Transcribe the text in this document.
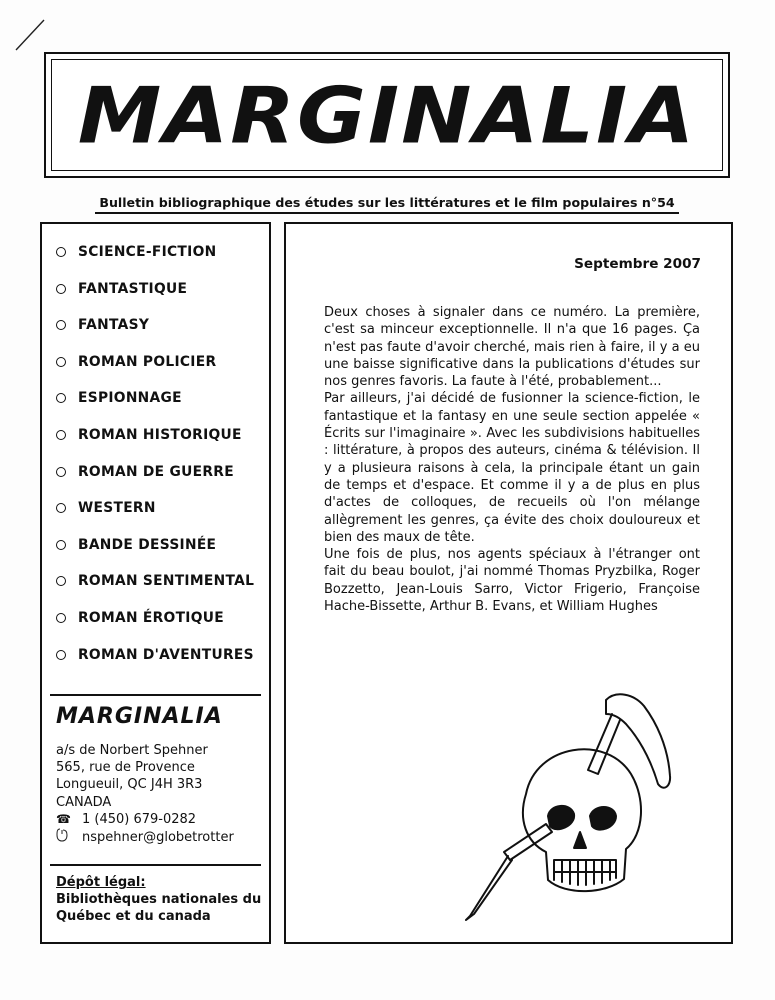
MARGINALIA
Bulletin bibliographique des études sur les littératures et le film populaires n°54
SCIENCE-FICTION
FANTASTIQUE
FANTASY
ROMAN POLICIER
ESPIONNAGE
ROMAN HISTORIQUE
ROMAN DE GUERRE
WESTERN
BANDE DESSINÉE
ROMAN SENTIMENTAL
ROMAN ÉROTIQUE
ROMAN D'AVENTURES
MARGINALIA
a/s de Norbert Spehner
565, rue de Provence
Longueuil, QC J4H 3R3
CANADA
☎ 1 (450) 679-0282
nspehner@globetrotter
Dépôt légal:
Bibliothèques nationales du Québec et du canada
Septembre 2007

Deux choses à signaler dans ce numéro. La première, c'est sa minceur exceptionnelle. Il n'a que 16 pages. Ça n'est pas faute d'avoir cherché, mais rien à faire, il y a eu une baisse significative dans la publications d'études sur nos genres favoris. La faute à l'été, probablement...

Par ailleurs, j'ai décidé de fusionner la science-fiction, le fantastique et la fantasy en une seule section appelée « Écrits sur l'imaginaire ». Avec les subdivisions habituelles : littérature, à propos des auteurs, cinéma & télévision. Il y a plusieura raisons à cela, la principale étant un gain de temps et d'espace. Et comme il y a de plus en plus d'actes de colloques, de recueils où l'on mélange allègrement les genres, ça évite des choix douloureux et bien des maux de tête.

Une fois de plus, nos agents spéciaux à l'étranger ont fait du beau boulot, j'ai nommé Thomas Pryzbilka, Roger Bozzetto, Jean-Louis Sarro, Victor Frigerio, Françoise Hache-Bissette, Arthur B. Evans, et William Hughes
